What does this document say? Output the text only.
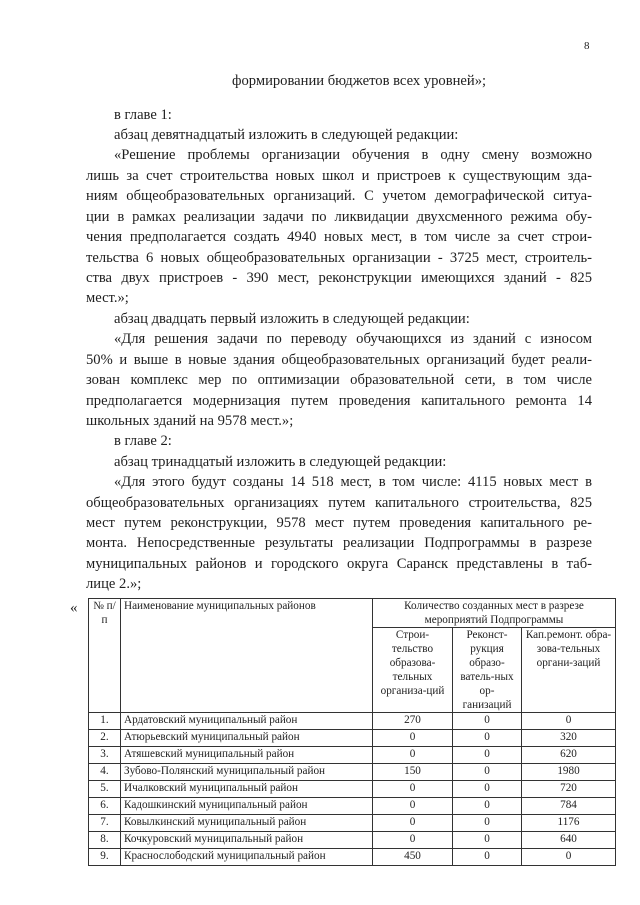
8
формировании бюджетов всех уровней»;
в главе 1:
абзац девятнадцатый изложить в следующей редакции:
«Решение проблемы организации обучения в одну смену возможно
лишь за счет строительства новых школ и пристроев к существующим зда-
ниям общеобразовательных организаций. С учетом демографической ситуа-
ции в рамках реализации задачи по ликвидации двухсменного режима обу-
чения предполагается создать 4940 новых мест, в том числе за счет строи-
тельства 6 новых общеобразовательных организации - 3725 мест, строитель-
ства двух пристроев - 390 мест, реконструкции имеющихся зданий - 825
мест.»;
абзац двадцать первый изложить в следующей редакции:
«Для решения задачи по переводу обучающихся из зданий с износом
50% и выше в новые здания общеобразовательных организаций будет реали-
зован комплекс мер по оптимизации образовательной сети, в том числе
предполагается модернизация путем проведения капитального ремонта 14
школьных зданий на 9578 мест.»;
в главе 2:
абзац тринадцатый изложить в следующей редакции:
«Для этого будут созданы 14 518 мест, в том числе: 4115 новых мест в
общеобразовательных организациях путем капитального строительства, 825
мест путем реконструкции, 9578 мест путем проведения капитального ре-
монта. Непосредственные результаты реализации Подпрограммы в разрезе
муниципальных районов и городского округа Саранск представлены в таб-
лице 2.»;
« № п/п	Наименование муниципальных районов	Количество созданных мест в разрезе мероприятий Подпрограммы		
		Строи-тельство образова-тельных организа-ций	Реконст-рукция образо-ватель-ных ор-ганизаций	Кап.ремонт. обра-зова-тельных органи-заций
1.	Ардатовский муниципальный район	270	0	0
2.	Атюрьевский муниципальный район	0	0	320
3.	Атяшевский муниципальный район	0	0	620
4.	Зубово-Полянский муниципальный район	150	0	1980
5.	Ичалковский муниципальный район	0	0	720
6.	Кадошкинский муниципальный район	0	0	784
7.	Ковылкинский муниципальный район	0	0	1176
8.	Кочкуровский муниципальный район	0	0	640
9.	Краснослободский муниципальный район	450	0	0
